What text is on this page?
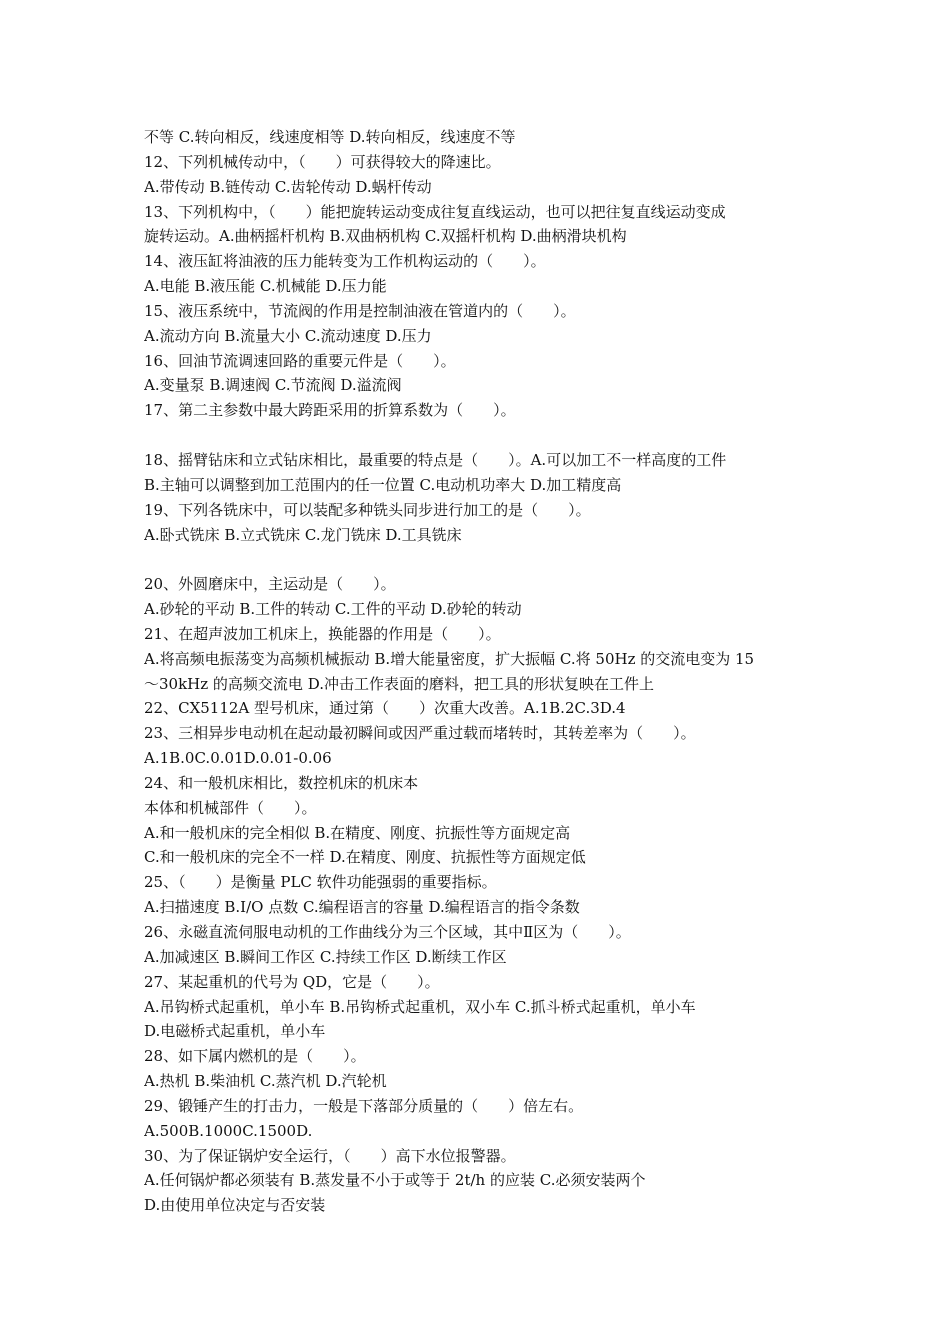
不等 C.转向相反，线速度相等 D.转向相反，线速度不等
12、下列机械传动中，（　　）可获得较大的降速比。
A.带传动 B.链传动 C.齿轮传动 D.蜗杆传动
13、下列机构中，（　　）能把旋转运动变成往复直线运动，也可以把往复直线运动变成
旋转运动。A.曲柄摇杆机构 B.双曲柄机构 C.双摇杆机构 D.曲柄滑块机构
14、液压缸将油液的压力能转变为工作机构运动的（　　）。
A.电能 B.液压能 C.机械能 D.压力能
15、液压系统中，节流阀的作用是控制油液在管道内的（　　）。
A.流动方向 B.流量大小 C.流动速度 D.压力
16、回油节流调速回路的重要元件是（　　）。
A.变量泵 B.调速阀 C.节流阀 D.溢流阀
17、第二主参数中最大跨距采用的折算系数为（　　）。
18、摇臂钻床和立式钻床相比，最重要的特点是（　　）。A.可以加工不一样高度的工件
B.主轴可以调整到加工范围内的任一位置 C.电动机功率大 D.加工精度高
19、下列各铣床中，可以装配多种铣头同步进行加工的是（　　）。
A.卧式铣床 B.立式铣床 C.龙门铣床 D.工具铣床
20、外圆磨床中，主运动是（　　）。
A.砂轮的平动 B.工件的转动 C.工件的平动 D.砂轮的转动
21、在超声波加工机床上，换能器的作用是（　　）。
A.将高频电振荡变为高频机械振动 B.增大能量密度，扩大振幅 C.将 50Hz 的交流电变为 15
～30kHz 的高频交流电 D.冲击工作表面的磨料，把工具的形状复映在工件上
22、CX5112A 型号机床，通过第（　　）次重大改善。A.1B.2C.3D.4
23、三相异步电动机在起动最初瞬间或因严重过载而堵转时，其转差率为（　　）。
A.1B.0C.0.01D.0.01-0.06
24、和一般机床相比，数控机床的机床本
本体和机械部件（　　）。
A.和一般机床的完全相似 B.在精度、刚度、抗振性等方面规定高
C.和一般机床的完全不一样 D.在精度、刚度、抗振性等方面规定低
25、（　　）是衡量 PLC 软件功能强弱的重要指标。
A.扫描速度 B.I/O 点数 C.编程语言的容量 D.编程语言的指令条数
26、永磁直流伺服电动机的工作曲线分为三个区域，其中Ⅱ区为（　　）。
A.加减速区 B.瞬间工作区 C.持续工作区 D.断续工作区
27、某起重机的代号为 QD，它是（　　）。
A.吊钩桥式起重机，单小车 B.吊钩桥式起重机，双小车 C.抓斗桥式起重机，单小车
D.电磁桥式起重机，单小车
28、如下属内燃机的是（　　）。
A.热机 B.柴油机 C.蒸汽机 D.汽轮机
29、锻锤产生的打击力，一般是下落部分质量的（　　）倍左右。
A.500B.1000C.1500D.
30、为了保证锅炉安全运行，（　　）高下水位报警器。
A.任何锅炉都必须装有 B.蒸发量不小于或等于 2t/h 的应装 C.必须安装两个
D.由使用单位决定与否安装
